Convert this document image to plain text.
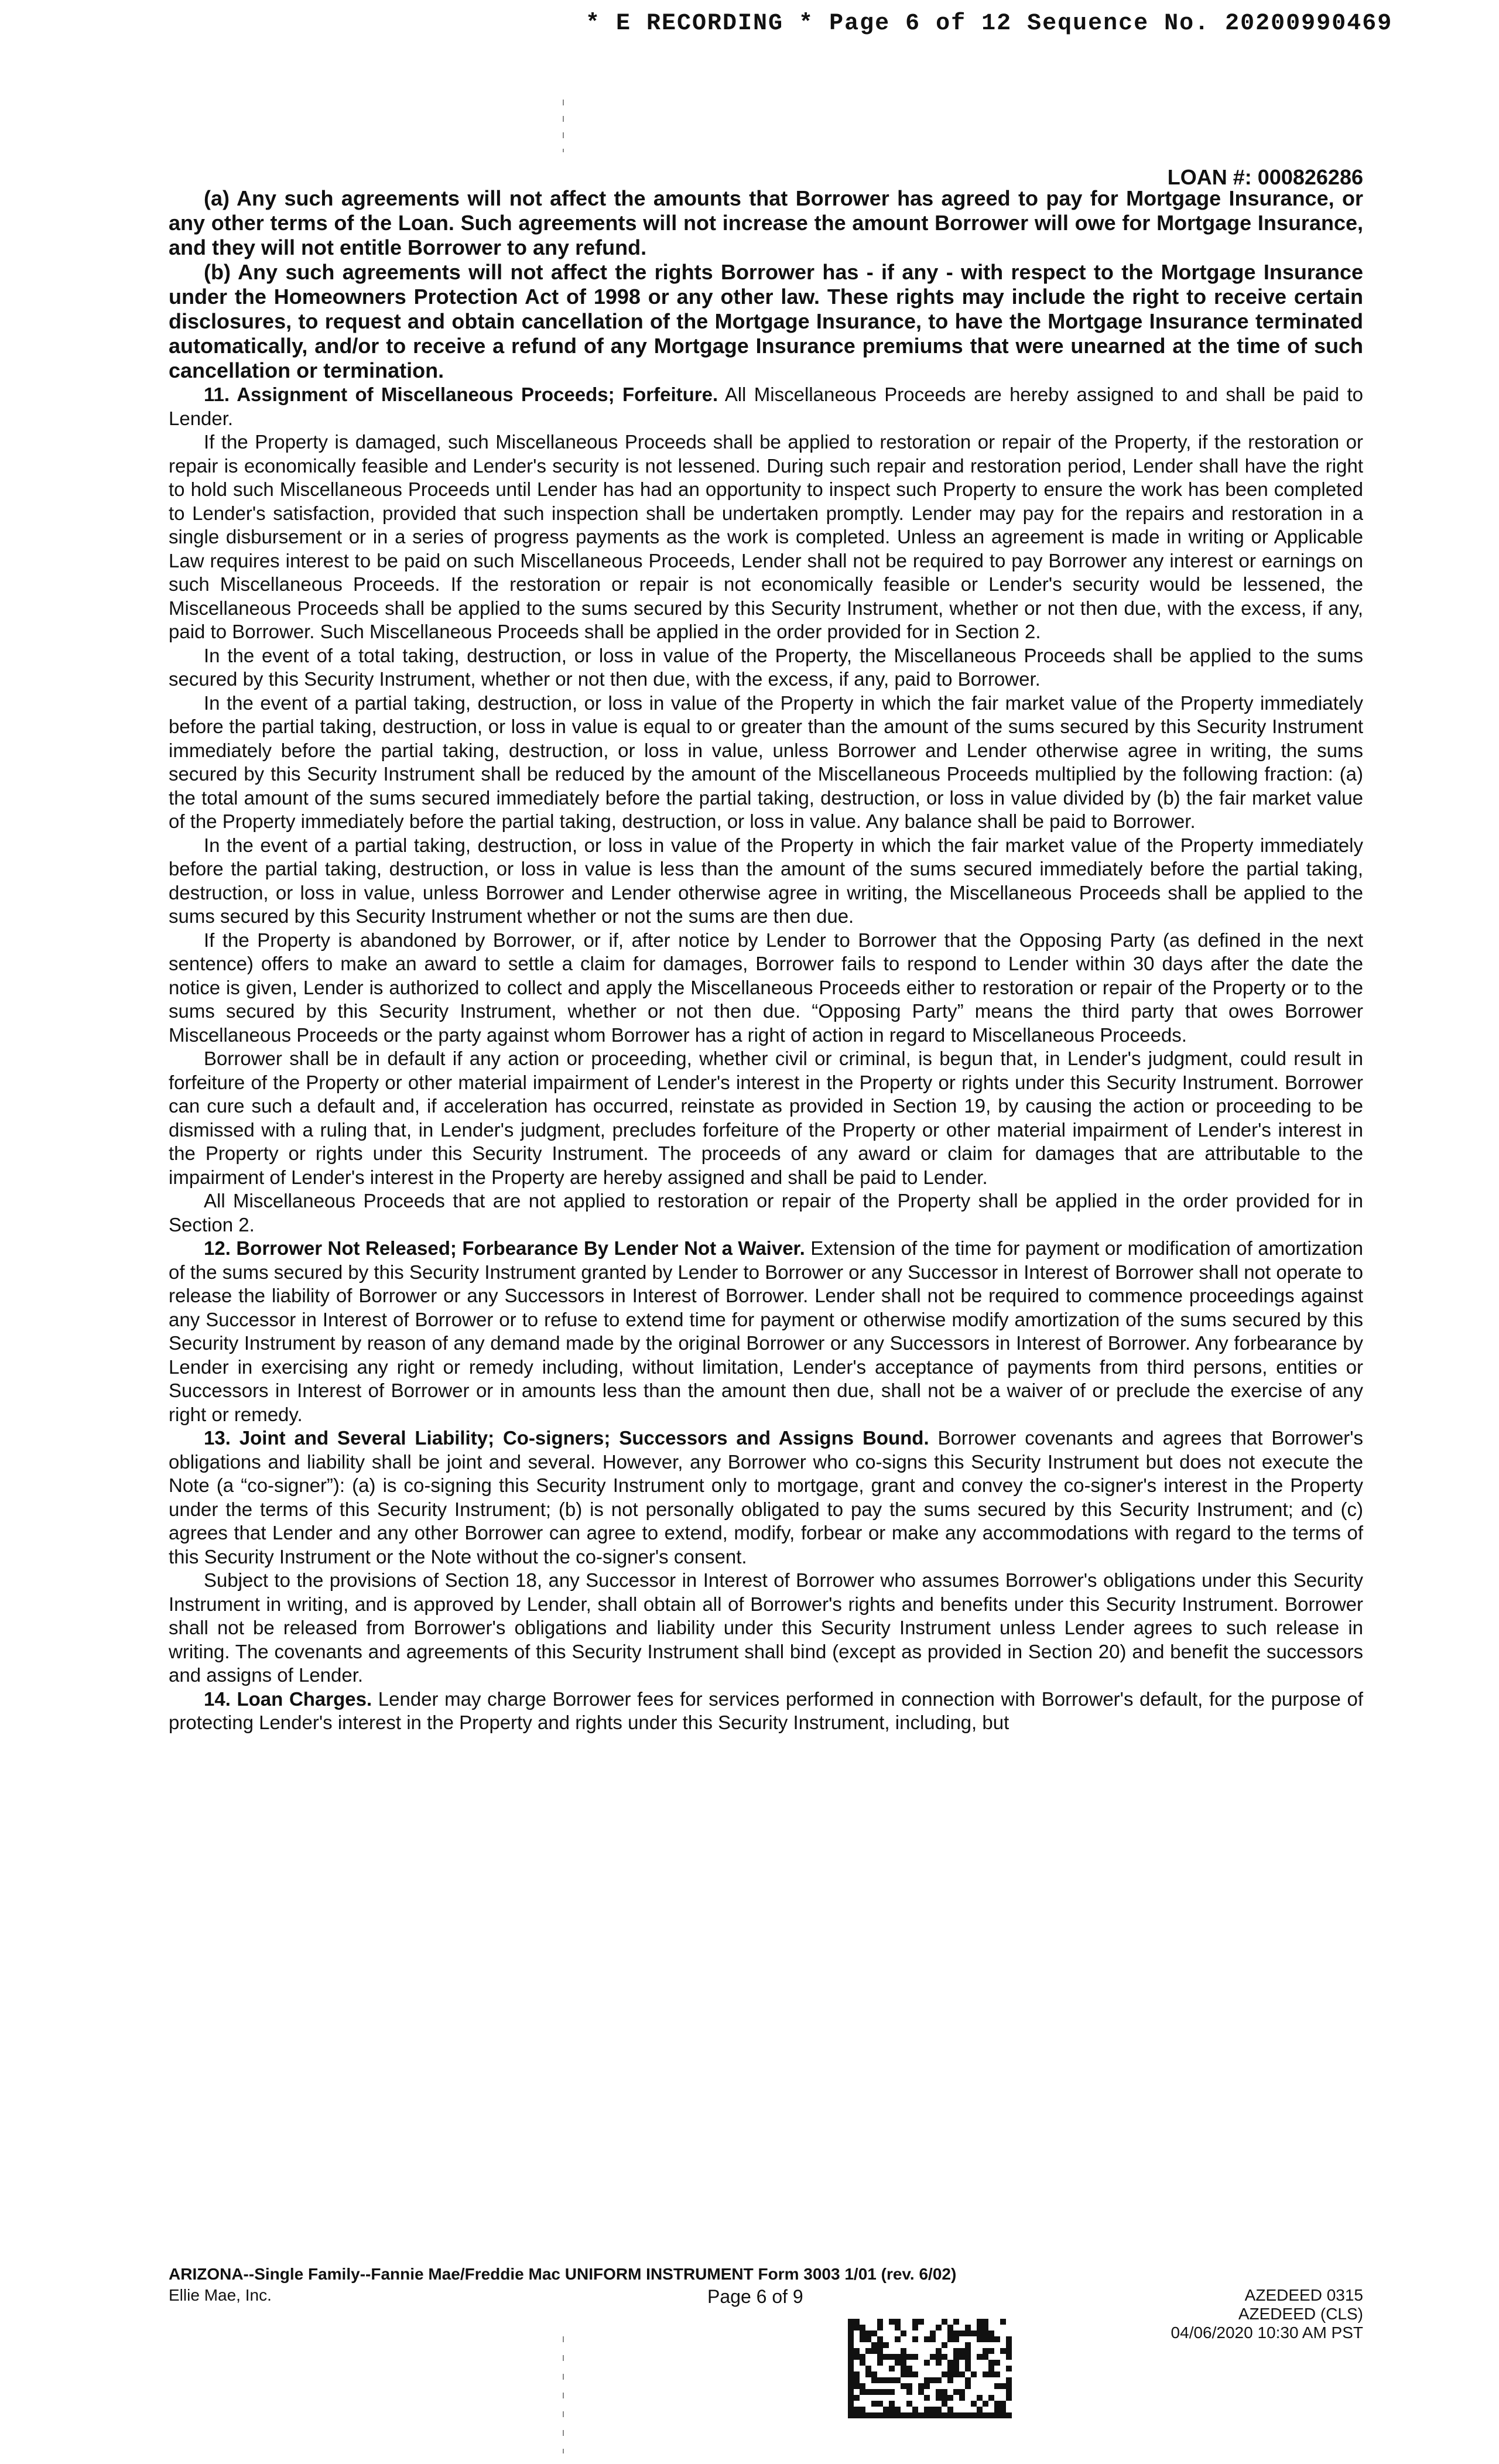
* E RECORDING * Page 6 of 12 Sequence No. 20200990469
LOAN #: 000826286

(a) Any such agreements will not affect the amounts that Borrower has agreed to pay for Mortgage Insurance, or any other terms of the Loan. Such agreements will not increase the amount Borrower will owe for Mortgage Insurance, and they will not entitle Borrower to any refund.

(b) Any such agreements will not affect the rights Borrower has - if any - with respect to the Mortgage Insurance under the Homeowners Protection Act of 1998 or any other law. These rights may include the right to receive certain disclosures, to request and obtain cancellation of the Mortgage Insurance, to have the Mortgage Insurance terminated automatically, and/or to receive a refund of any Mortgage Insurance premiums that were unearned at the time of such cancellation or termination.

11. Assignment of Miscellaneous Proceeds; Forfeiture. All Miscellaneous Proceeds are hereby assigned to and shall be paid to Lender.

If the Property is damaged, such Miscellaneous Proceeds shall be applied to restoration or repair of the Property, if the restoration or repair is economically feasible and Lender's security is not lessened. During such repair and restoration period, Lender shall have the right to hold such Miscellaneous Proceeds until Lender has had an opportunity to inspect such Property to ensure the work has been completed to Lender's satisfaction, provided that such inspection shall be undertaken promptly. Lender may pay for the repairs and restoration in a single disbursement or in a series of progress payments as the work is completed. Unless an agreement is made in writing or Applicable Law requires interest to be paid on such Miscellaneous Proceeds, Lender shall not be required to pay Borrower any interest or earnings on such Miscellaneous Proceeds. If the restoration or repair is not economically feasible or Lender's security would be lessened, the Miscellaneous Proceeds shall be applied to the sums secured by this Security Instrument, whether or not then due, with the excess, if any, paid to Borrower. Such Miscellaneous Proceeds shall be applied in the order provided for in Section 2.

In the event of a total taking, destruction, or loss in value of the Property, the Miscellaneous Proceeds shall be applied to the sums secured by this Security Instrument, whether or not then due, with the excess, if any, paid to Borrower.

In the event of a partial taking, destruction, or loss in value of the Property in which the fair market value of the Property immediately before the partial taking, destruction, or loss in value is equal to or greater than the amount of the sums secured by this Security Instrument immediately before the partial taking, destruction, or loss in value, unless Borrower and Lender otherwise agree in writing, the sums secured by this Security Instrument shall be reduced by the amount of the Miscellaneous Proceeds multiplied by the following fraction: (a) the total amount of the sums secured immediately before the partial taking, destruction, or loss in value divided by (b) the fair market value of the Property immediately before the partial taking, destruction, or loss in value. Any balance shall be paid to Borrower.

In the event of a partial taking, destruction, or loss in value of the Property in which the fair market value of the Property immediately before the partial taking, destruction, or loss in value is less than the amount of the sums secured immediately before the partial taking, destruction, or loss in value, unless Borrower and Lender otherwise agree in writing, the Miscellaneous Proceeds shall be applied to the sums secured by this Security Instrument whether or not the sums are then due.

If the Property is abandoned by Borrower, or if, after notice by Lender to Borrower that the Opposing Party (as defined in the next sentence) offers to make an award to settle a claim for damages, Borrower fails to respond to Lender within 30 days after the date the notice is given, Lender is authorized to collect and apply the Miscellaneous Proceeds either to restoration or repair of the Property or to the sums secured by this Security Instrument, whether or not then due. “Opposing Party” means the third party that owes Borrower Miscellaneous Proceeds or the party against whom Borrower has a right of action in regard to Miscellaneous Proceeds.

Borrower shall be in default if any action or proceeding, whether civil or criminal, is begun that, in Lender's judgment, could result in forfeiture of the Property or other material impairment of Lender's interest in the Property or rights under this Security Instrument. Borrower can cure such a default and, if acceleration has occurred, reinstate as provided in Section 19, by causing the action or proceeding to be dismissed with a ruling that, in Lender's judgment, precludes forfeiture of the Property or other material impairment of Lender's interest in the Property or rights under this Security Instrument. The proceeds of any award or claim for damages that are attributable to the impairment of Lender's interest in the Property are hereby assigned and shall be paid to Lender.

All Miscellaneous Proceeds that are not applied to restoration or repair of the Property shall be applied in the order provided for in Section 2.

12. Borrower Not Released; Forbearance By Lender Not a Waiver. Extension of the time for payment or modification of amortization of the sums secured by this Security Instrument granted by Lender to Borrower or any Successor in Interest of Borrower shall not operate to release the liability of Borrower or any Successors in Interest of Borrower. Lender shall not be required to commence proceedings against any Successor in Interest of Borrower or to refuse to extend time for payment or otherwise modify amortization of the sums secured by this Security Instrument by reason of any demand made by the original Borrower or any Successors in Interest of Borrower. Any forbearance by Lender in exercising any right or remedy including, without limitation, Lender's acceptance of payments from third persons, entities or Successors in Interest of Borrower or in amounts less than the amount then due, shall not be a waiver of or preclude the exercise of any right or remedy.

13. Joint and Several Liability; Co-signers; Successors and Assigns Bound. Borrower covenants and agrees that Borrower's obligations and liability shall be joint and several. However, any Borrower who co-signs this Security Instrument but does not execute the Note (a “co-signer”): (a) is co-signing this Security Instrument only to mortgage, grant and convey the co-signer's interest in the Property under the terms of this Security Instrument; (b) is not personally obligated to pay the sums secured by this Security Instrument; and (c) agrees that Lender and any other Borrower can agree to extend, modify, forbear or make any accommodations with regard to the terms of this Security Instrument or the Note without the co-signer's consent.

Subject to the provisions of Section 18, any Successor in Interest of Borrower who assumes Borrower's obligations under this Security Instrument in writing, and is approved by Lender, shall obtain all of Borrower's rights and benefits under this Security Instrument. Borrower shall not be released from Borrower's obligations and liability under this Security Instrument unless Lender agrees to such release in writing. The covenants and agreements of this Security Instrument shall bind (except as provided in Section 20) and benefit the successors and assigns of Lender.

14. Loan Charges. Lender may charge Borrower fees for services performed in connection with Borrower's default, for the purpose of protecting Lender's interest in the Property and rights under this Security Instrument, including, but

ARIZONA--Single Family--Fannie Mae/Freddie Mac UNIFORM INSTRUMENT Form 3003 1/01 (rev. 6/02)
Ellie Mae, Inc.	Page 6 of 9	AZEDEED 0315
AZEDEED (CLS)
04/06/2020 10:30 AM PST
